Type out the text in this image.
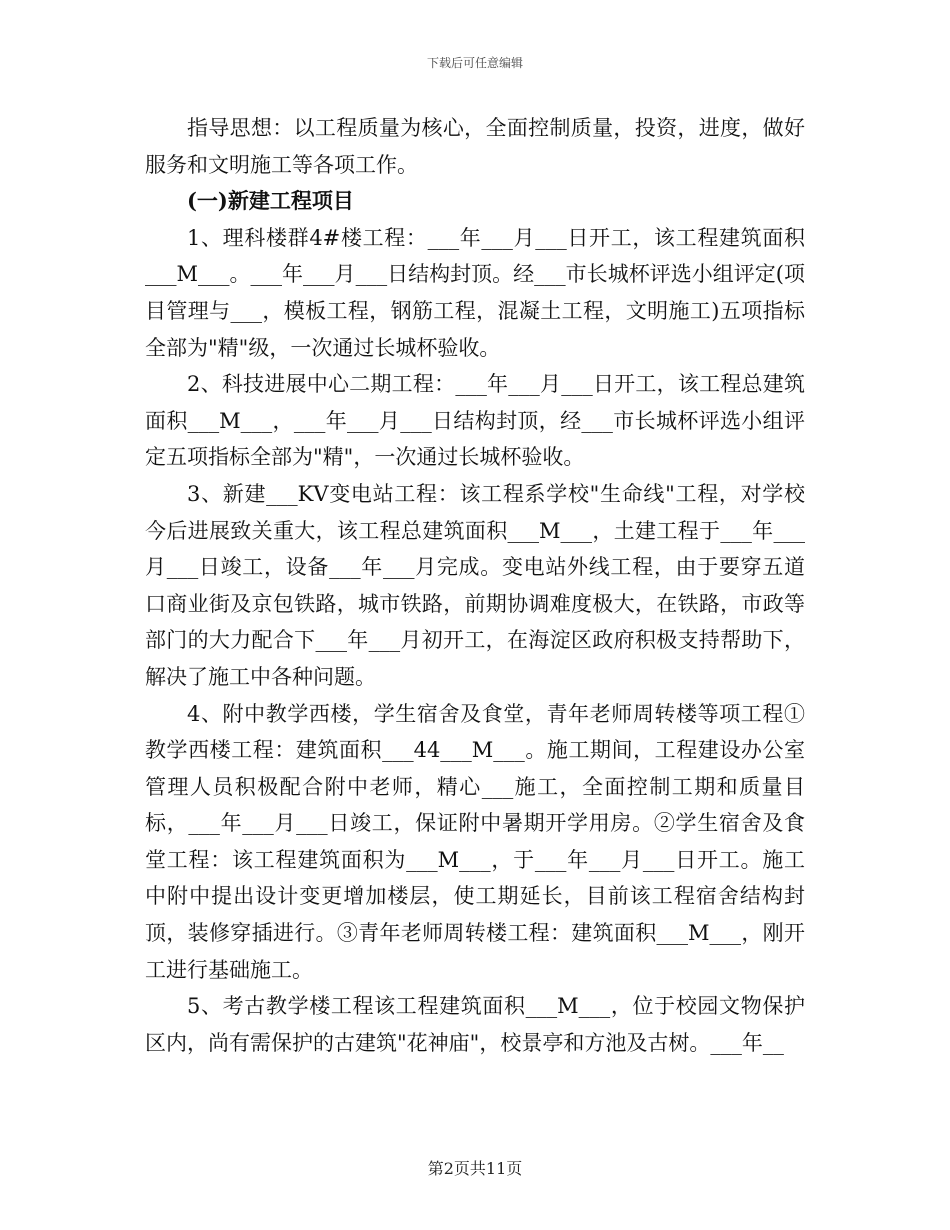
下载后可任意编辑

指导思想：以工程质量为核心，全面控制质量，投资，进度，做好服务和文明施工等各项工作。

(一)新建工程项目

1、理科楼群4#楼工程：___年___月___日开工，该工程建筑面积___M___。___年___月___日结构封顶。经___市长城杯评选小组评定(项目管理与___，模板工程，钢筋工程，混凝土工程，文明施工)五项指标全部为"精"级，一次通过长城杯验收。

2、科技进展中心二期工程：___年___月___日开工，该工程总建筑面积___M___，___年___月___日结构封顶，经___市长城杯评选小组评定五项指标全部为"精"，一次通过长城杯验收。

3、新建___KV变电站工程：该工程系学校"生命线"工程，对学校今后进展致关重大，该工程总建筑面积___M___，土建工程于___年___月___日竣工，设备___年___月完成。变电站外线工程，由于要穿五道口商业街及京包铁路，城市铁路，前期协调难度极大，在铁路，市政等部门的大力配合下___年___月初开工，在海淀区政府积极支持帮助下，解决了施工中各种问题。

4、附中教学西楼，学生宿舍及食堂，青年老师周转楼等项工程①教学西楼工程：建筑面积___44___M___。施工期间，工程建设办公室管理人员积极配合附中老师，精心___施工，全面控制工期和质量目标，___年___月___日竣工，保证附中暑期开学用房。②学生宿舍及食堂工程：该工程建筑面积为___M___，于___年___月___日开工。施工中附中提出设计变更增加楼层，使工期延长，目前该工程宿舍结构封顶，装修穿插进行。③青年老师周转楼工程：建筑面积___M___，刚开工进行基础施工。

5、考古教学楼工程该工程建筑面积___M___，位于校园文物保护区内，尚有需保护的古建筑"花神庙"，校景亭和方池及古树。___年__

第2页共11页
